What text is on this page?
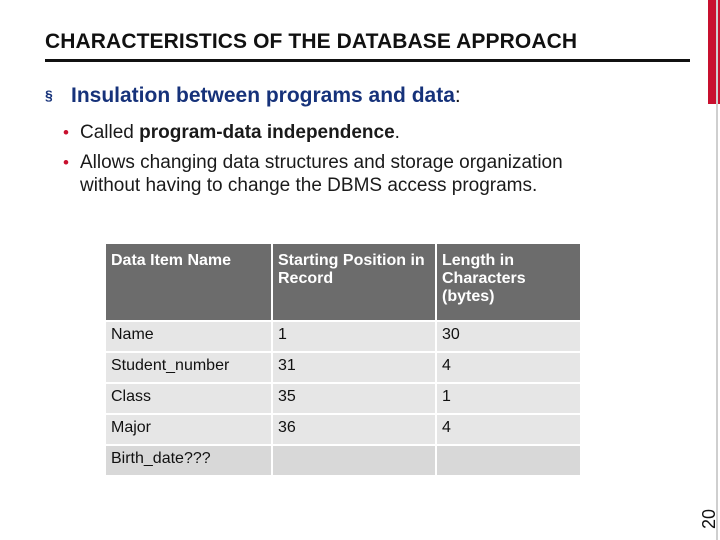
CHARACTERISTICS OF THE DATABASE APPROACH
§ Insulation between programs and data:
• Called program-data independence.
• Allows changing data structures and storage organization
without having to change the DBMS access programs.
Data Item Name	Starting Position in Record	Length in Characters (bytes)
Name	1	30
Student_number	31	4
Class	35	1
Major	36	4
Birth_date???		
20
